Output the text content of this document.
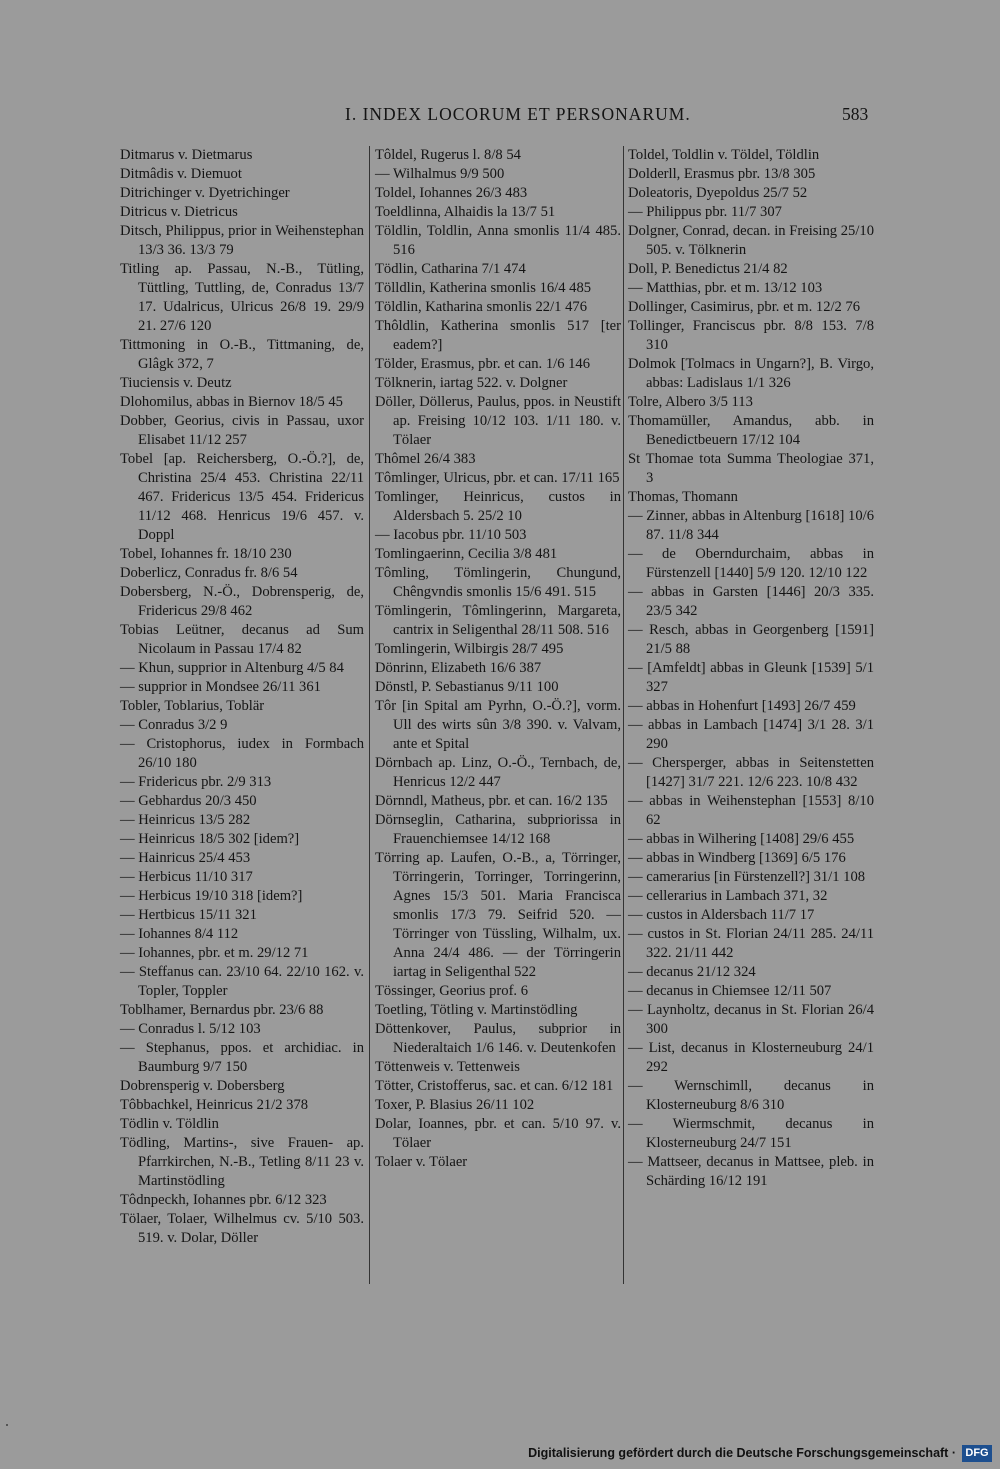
I. INDEX LOCORUM ET PERSONARUM.	583

Ditmarus v. Dietmarus

Ditmâdis v. Diemuot

Ditrichinger v. Dyetrichinger

Ditricus v. Dietricus

Ditsch, Philippus, prior in Weihenstephan 13/3 36. 13/3 79

Titling ap. Passau, N.-B., Tütling, Tüttling, Tuttling, de, Conradus 13/7 17. Udalricus, Ulricus 26/8 19. 29/9 21. 27/6 120

Tittmoning in O.-B., Tittmaning, de, Glâgk 372, 7

Tiuciensis v. Deutz

Dlohomilus, abbas in Biernov 18/5 45

Dobber, Georius, civis in Passau, uxor Elisabet 11/12 257

Tobel [ap. Reichersberg, O.-Ö.?], de, Christina 25/4 453. Christina 22/11 467. Fridericus 13/5 454. Fridericus 11/12 468. Henricus 19/6 457. v. Doppl

Tobel, Iohannes fr. 18/10 230

Doberlicz, Conradus fr. 8/6 54

Dobersberg, N.-Ö., Dobrensperig, de, Fridericus 29/8 462

Tobias Leütner, decanus ad Sum Nicolaum in Passau 17/4 82

— Khun, supprior in Altenburg 4/5 84

— supprior in Mondsee 26/11 361

Tobler, Toblarius, Toblär

— Conradus 3/2 9

— Cristophorus, iudex in Formbach 26/10 180

— Fridericus pbr. 2/9 313

— Gebhardus 20/3 450

— Heinricus 13/5 282

— Heinricus 18/5 302 [idem?]

— Hainricus 25/4 453

— Herbicus 11/10 317

— Herbicus 19/10 318 [idem?]

— Hertbicus 15/11 321

— Iohannes 8/4 112

— Iohannes, pbr. et m. 29/12 71

— Steffanus can. 23/10 64. 22/10 162. v. Topler, Toppler

Toblhamer, Bernardus pbr. 23/6 88

— Conradus l. 5/12 103

— Stephanus, ppos. et archidiac. in Baumburg 9/7 150

Dobrensperig v. Dobersberg

Tôbbachkel, Heinricus 21/2 378

Tödlin v. Töldlin

Tödling, Martins-, sive Frauen- ap. Pfarrkirchen, N.-B., Tetling 8/11 23 v. Martinstödling

Tôdnpeckh, Iohannes pbr. 6/12 323

Tölaer, Tolaer, Wilhelmus cv. 5/10 503. 519. v. Dolar, Döller

Tôldel, Rugerus l. 8/8 54

— Wilhalmus 9/9 500

Toldel, Iohannes 26/3 483

Toeldlinna, Alhaidis la 13/7 51

Töldlin, Toldlin, Anna smonlis 11/4 485. 516

Tödlin, Catharina 7/1 474

Tölldlin, Katherina smonlis 16/4 485

Töldlin, Katharina smonlis 22/1 476

Thôldlin, Katherina smonlis 517 [ter eadem?]

Tölder, Erasmus, pbr. et can. 1/6 146

Tölknerin, iartag 522. v. Dolgner

Döller, Döllerus, Paulus, ppos. in Neustift ap. Freising 10/12 103. 1/11 180. v. Tölaer

Thômel 26/4 383

Tômlinger, Ulricus, pbr. et can. 17/11 165

Tomlinger, Heinricus, custos in Aldersbach 5. 25/2 10

— Iacobus pbr. 11/10 503

Tomlingaerinn, Cecilia 3/8 481

Tômling, Tömlingerin, Chungund, Chêngvndis smonlis 15/6 491. 515

Tömlingerin, Tômlingerinn, Margareta, cantrix in Seligenthal 28/11 508. 516

Tomlingerin, Wilbirgis 28/7 495

Dönrinn, Elizabeth 16/6 387

Dönstl, P. Sebastianus 9/11 100

Tôr [in Spital am Pyrhn, O.-Ö.?], vorm. Ull des wirts sûn 3/8 390. v. Valvam, ante et Spital

Dörnbach ap. Linz, O.-Ö., Ternbach, de, Henricus 12/2 447

Dörnndl, Matheus, pbr. et can. 16/2 135

Dörnseglin, Catharina, subpriorissa in Frauenchiemsee 14/12 168

Törring ap. Laufen, O.-B., a, Törringer, Törringerin, Torringer, Torringerinn, Agnes 15/3 501. Maria Francisca smonlis 17/3 79. Seifrid 520. — Törringer von Tüssling, Wilhalm, ux. Anna 24/4 486. — der Törringerin iartag in Seligenthal 522

Tössinger, Georius prof. 6

Toetling, Tötling v. Martinstödling

Döttenkover, Paulus, subprior in Niederaltaich 1/6 146. v. Deutenkofen

Töttenweis v. Tettenweis

Tötter, Cristofferus, sac. et can. 6/12 181

Toxer, P. Blasius 26/11 102

Dolar, Ioannes, pbr. et can. 5/10 97. v. Tölaer

Tolaer v. Tölaer

Toldel, Toldlin v. Töldel, Töldlin

Dolderll, Erasmus pbr. 13/8 305

Doleatoris, Dyepoldus 25/7 52

— Philippus pbr. 11/7 307

Dolgner, Conrad, decan. in Freising 25/10 505. v. Tölknerin

Doll, P. Benedictus 21/4 82

— Matthias, pbr. et m. 13/12 103

Dollinger, Casimirus, pbr. et m. 12/2 76

Tollinger, Franciscus pbr. 8/8 153. 7/8 310

Dolmok [Tolmacs in Ungarn?], B. Virgo, abbas: Ladislaus 1/1 326

Tolre, Albero 3/5 113

Thomamüller, Amandus, abb. in Benedictbeuern 17/12 104

St Thomae tota Summa Theologiae 371, 3

Thomas, Thomann

— Zinner, abbas in Altenburg [1618] 10/6 87. 11/8 344

— de Oberndurchaim, abbas in Fürstenzell [1440] 5/9 120. 12/10 122

— abbas in Garsten [1446] 20/3 335. 23/5 342

— Resch, abbas in Georgenberg [1591] 21/5 88

— [Amfeldt] abbas in Gleunk [1539] 5/1 327

— abbas in Hohenfurt [1493] 26/7 459

— abbas in Lambach [1474] 3/1 28. 3/1 290

— Chersperger, abbas in Seitenstetten [1427] 31/7 221. 12/6 223. 10/8 432

— abbas in Weihenstephan [1553] 8/10 62

— abbas in Wilhering [1408] 29/6 455

— abbas in Windberg [1369] 6/5 176

— camerarius [in Fürstenzell?] 31/1 108

— cellerarius in Lambach 371, 32

— custos in Aldersbach 11/7 17

— custos in St. Florian 24/11 285. 24/11 322. 21/11 442

— decanus 21/12 324

— decanus in Chiemsee 12/11 507

— Laynholtz, decanus in St. Florian 26/4 300

— List, decanus in Klosterneuburg 24/1 292

— Wernschimll, decanus in Klosterneuburg 8/6 310

— Wiermschmit, decanus in Klosterneuburg 24/7 151

— Mattseer, decanus in Mattsee, pleb. in Schärding 16/12 191

Digitalisierung gefördert durch die Deutsche Forschungsgemeinschaft · DFG
